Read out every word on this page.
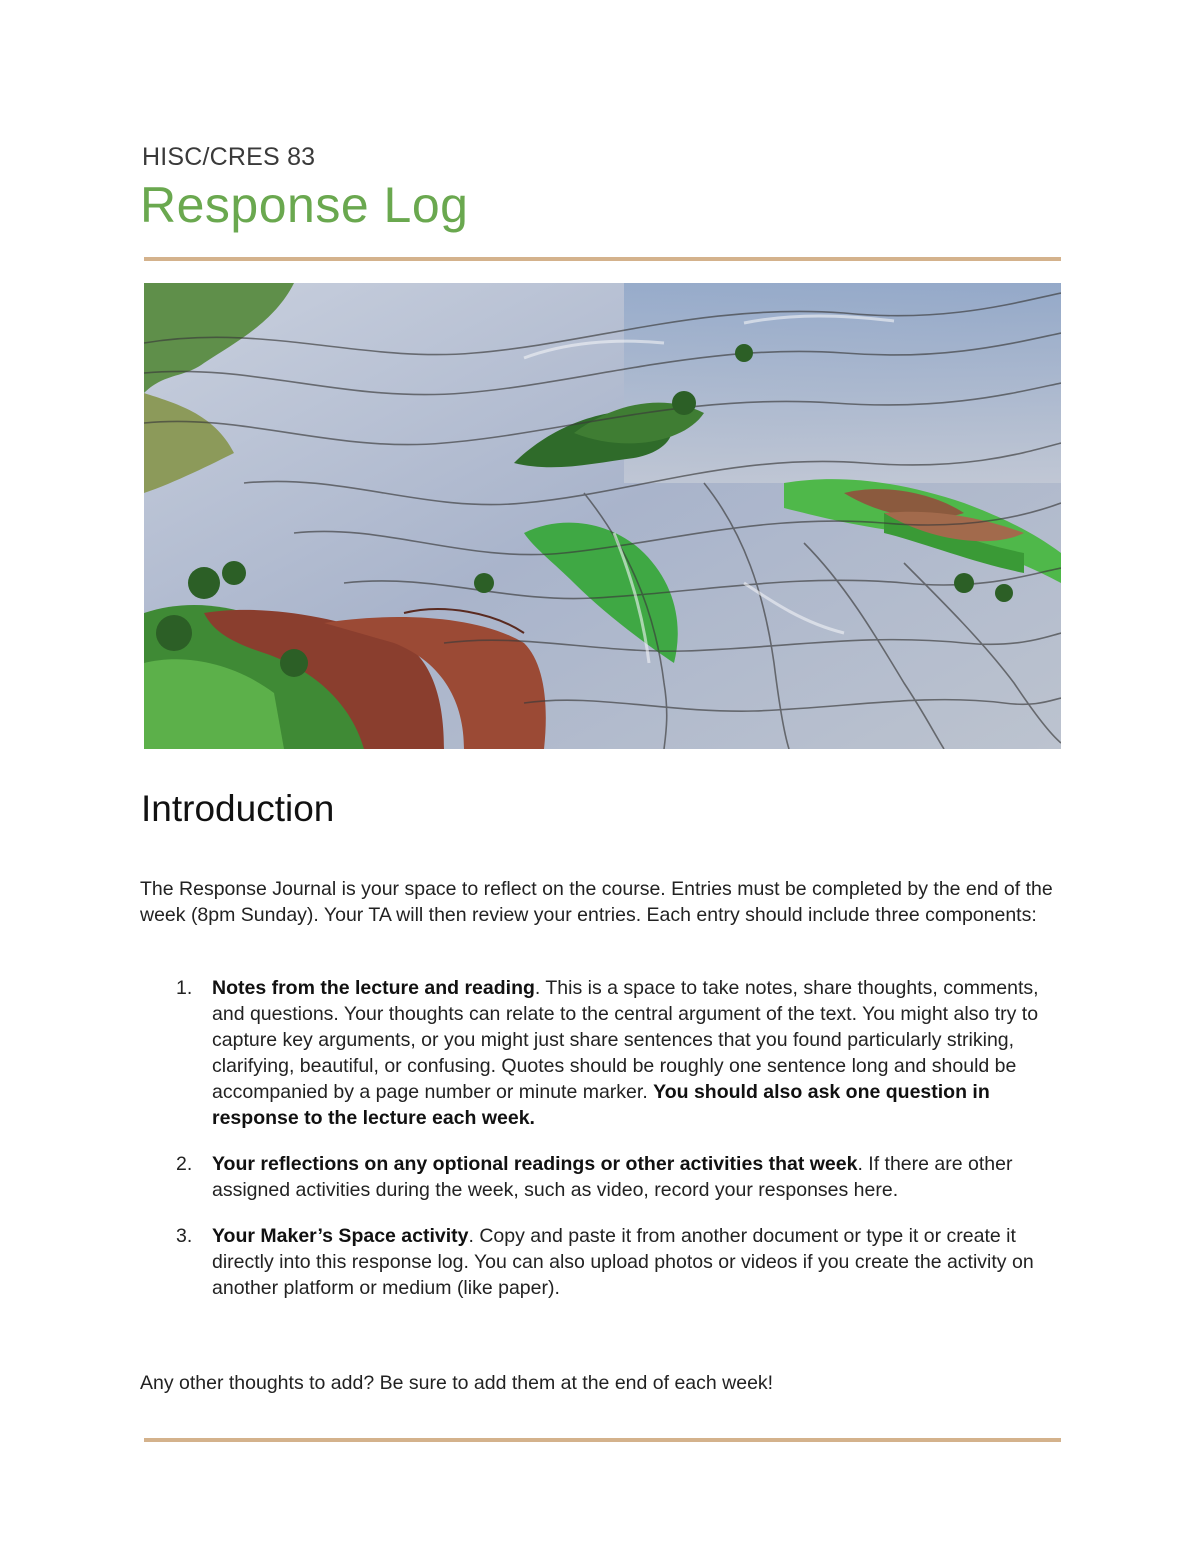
HISC/CRES 83
Response Log
Introduction

The Response Journal is your space to reflect on the course. Entries must be completed by the end of the week (8pm Sunday). Your TA will then review your entries. Each entry should include three components:

1. Notes from the lecture and reading. This is a space to take notes, share thoughts, comments, and questions. Your thoughts can relate to the central argument of the text. You might also try to capture key arguments, or you might just share sentences that you found particularly striking, clarifying, beautiful, or confusing. Quotes should be roughly one sentence long and should be accompanied by a page number or minute marker. You should also ask one question in response to the lecture each week.
2. Your reflections on any optional readings or other activities that week. If there are other assigned activities during the week, such as video, record your responses here.
3. Your Maker’s Space activity. Copy and paste it from another document or type it or create it directly into this response log. You can also upload photos or videos if you create the activity on another platform or medium (like paper).

Any other thoughts to add? Be sure to add them at the end of each week!
